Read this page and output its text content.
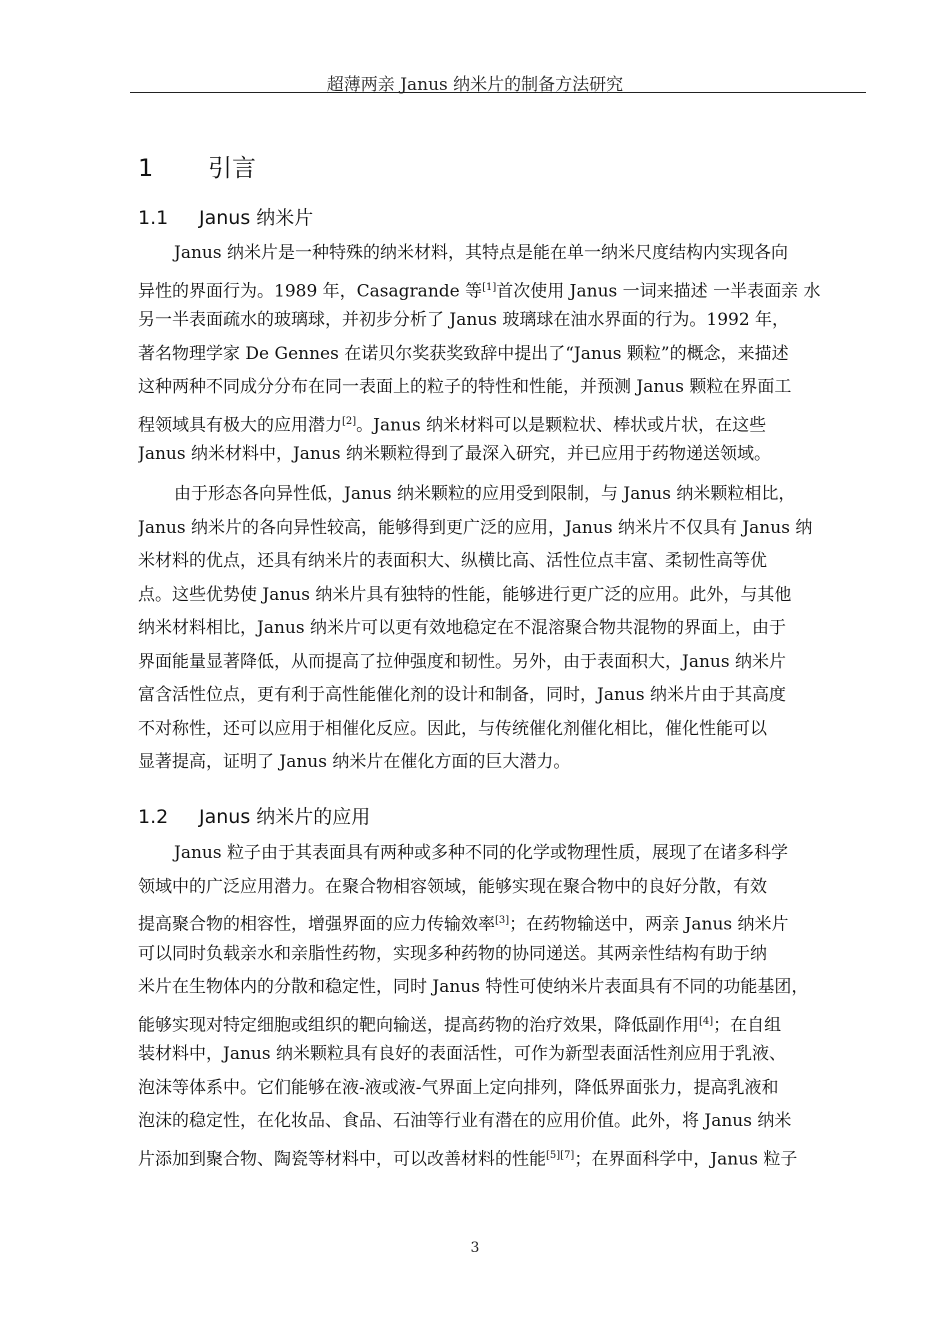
超薄两亲 Janus 纳米片的制备方法研究
1 引言
1.1 Janus 纳米片
Janus 纳米片是一种特殊的纳米材料，其特点是能在单一纳米尺度结构内实现各向
异性的界面行为。1989 年，Casagrande 等[1]首次使用 Janus 一词来描述 一半表面亲 水
另一半表面疏水的玻璃球，并初步分析了 Janus 玻璃球在油水界面的行为。1992 年，
著名物理学家 De Gennes 在诺贝尔奖获奖致辞中提出了“Janus 颗粒”的概念，来描述
这种两种不同成分分布在同一表面上的粒子的特性和性能，并预测 Janus 颗粒在界面工
程领域具有极大的应用潜力[2]。Janus 纳米材料可以是颗粒状、棒状或片状，在这些
Janus 纳米材料中，Janus 纳米颗粒得到了最深入研究，并已应用于药物递送领域。
由于形态各向异性低，Janus 纳米颗粒的应用受到限制，与 Janus 纳米颗粒相比，
Janus 纳米片的各向异性较高，能够得到更广泛的应用，Janus 纳米片不仅具有 Janus 纳
米材料的优点，还具有纳米片的表面积大、纵横比高、活性位点丰富、柔韧性高等优
点。这些优势使 Janus 纳米片具有独特的性能，能够进行更广泛的应用。此外，与其他
纳米材料相比，Janus 纳米片可以更有效地稳定在不混溶聚合物共混物的界面上，由于
界面能量显著降低，从而提高了拉伸强度和韧性。另外，由于表面积大，Janus 纳米片
富含活性位点，更有利于高性能催化剂的设计和制备，同时，Janus 纳米片由于其高度
不对称性，还可以应用于相催化反应。因此，与传统催化剂催化相比，催化性能可以
显著提高，证明了 Janus 纳米片在催化方面的巨大潜力。
1.2 Janus 纳米片的应用
Janus 粒子由于其表面具有两种或多种不同的化学或物理性质，展现了在诸多科学
领域中的广泛应用潜力。在聚合物相容领域，能够实现在聚合物中的良好分散，有效
提高聚合物的相容性，增强界面的应力传输效率[3]；在药物输送中，两亲 Janus 纳米片
可以同时负载亲水和亲脂性药物，实现多种药物的协同递送。其两亲性结构有助于纳
米片在生物体内的分散和稳定性，同时 Janus 特性可使纳米片表面具有不同的功能基团，
能够实现对特定细胞或组织的靶向输送，提高药物的治疗效果，降低副作用[4]；在自组
装材料中，Janus 纳米颗粒具有良好的表面活性，可作为新型表面活性剂应用于乳液、
泡沫等体系中。它们能够在液-液或液-气界面上定向排列，降低界面张力，提高乳液和
泡沫的稳定性，在化妆品、食品、石油等行业有潜在的应用价值。此外，将 Janus 纳米
片添加到聚合物、陶瓷等材料中，可以改善材料的性能[5][7]；在界面科学中，Janus 粒子
3
